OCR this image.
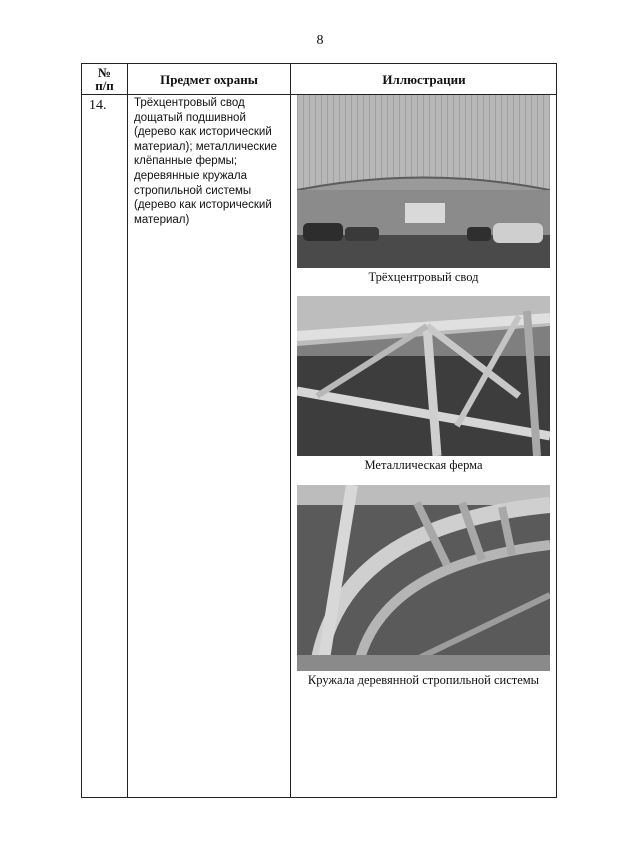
8
№
п/п	Предмет охраны	Иллюстрации
14. Трёхцентровый свод дощатый подшивной (дерево как исторический материал); металлические клёпанные фермы; деревянные кружала стропильной системы (дерево как исторический материал)
Трёхцентровый свод
Металлическая ферма
Кружала деревянной стропильной системы
